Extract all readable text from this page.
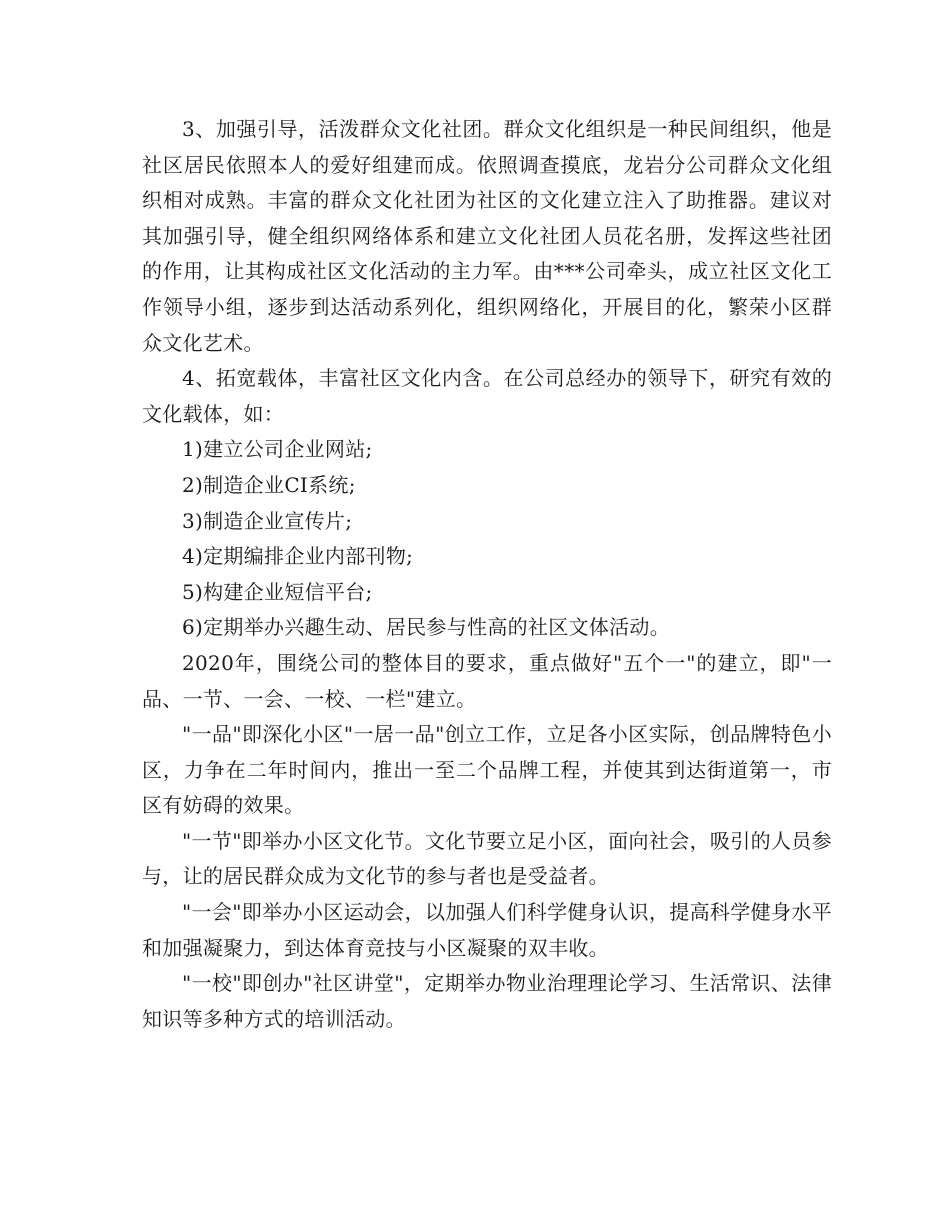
3、加强引导，活泼群众文化社团。群众文化组织是一种民间组织，他是社区居民依照本人的爱好组建而成。依照调查摸底，龙岩分公司群众文化组织相对成熟。丰富的群众文化社团为社区的文化建立注入了助推器。建议对其加强引导，健全组织网络体系和建立文化社团人员花名册，发挥这些社团的作用，让其构成社区文化活动的主力军。由***公司牵头，成立社区文化工作领导小组，逐步到达活动系列化，组织网络化，开展目的化，繁荣小区群众文化艺术。

4、拓宽载体，丰富社区文化内含。在公司总经办的领导下，研究有效的文化载体，如：

1)建立公司企业网站;

2)制造企业CI系统;

3)制造企业宣传片;

4)定期编排企业内部刊物;

5)构建企业短信平台;

6)定期举办兴趣生动、居民参与性高的社区文体活动。

2020年，围绕公司的整体目的要求，重点做好"五个一"的建立，即"一品、一节、一会、一校、一栏"建立。

"一品"即深化小区"一居一品"创立工作，立足各小区实际，创品牌特色小区，力争在二年时间内，推出一至二个品牌工程，并使其到达街道第一，市区有妨碍的效果。

"一节"即举办小区文化节。文化节要立足小区，面向社会，吸引的人员参与，让的居民群众成为文化节的参与者也是受益者。

"一会"即举办小区运动会，以加强人们科学健身认识，提高科学健身水平和加强凝聚力，到达体育竞技与小区凝聚的双丰收。

"一校"即创办"社区讲堂"，定期举办物业治理理论学习、生活常识、法律知识等多种方式的培训活动。
